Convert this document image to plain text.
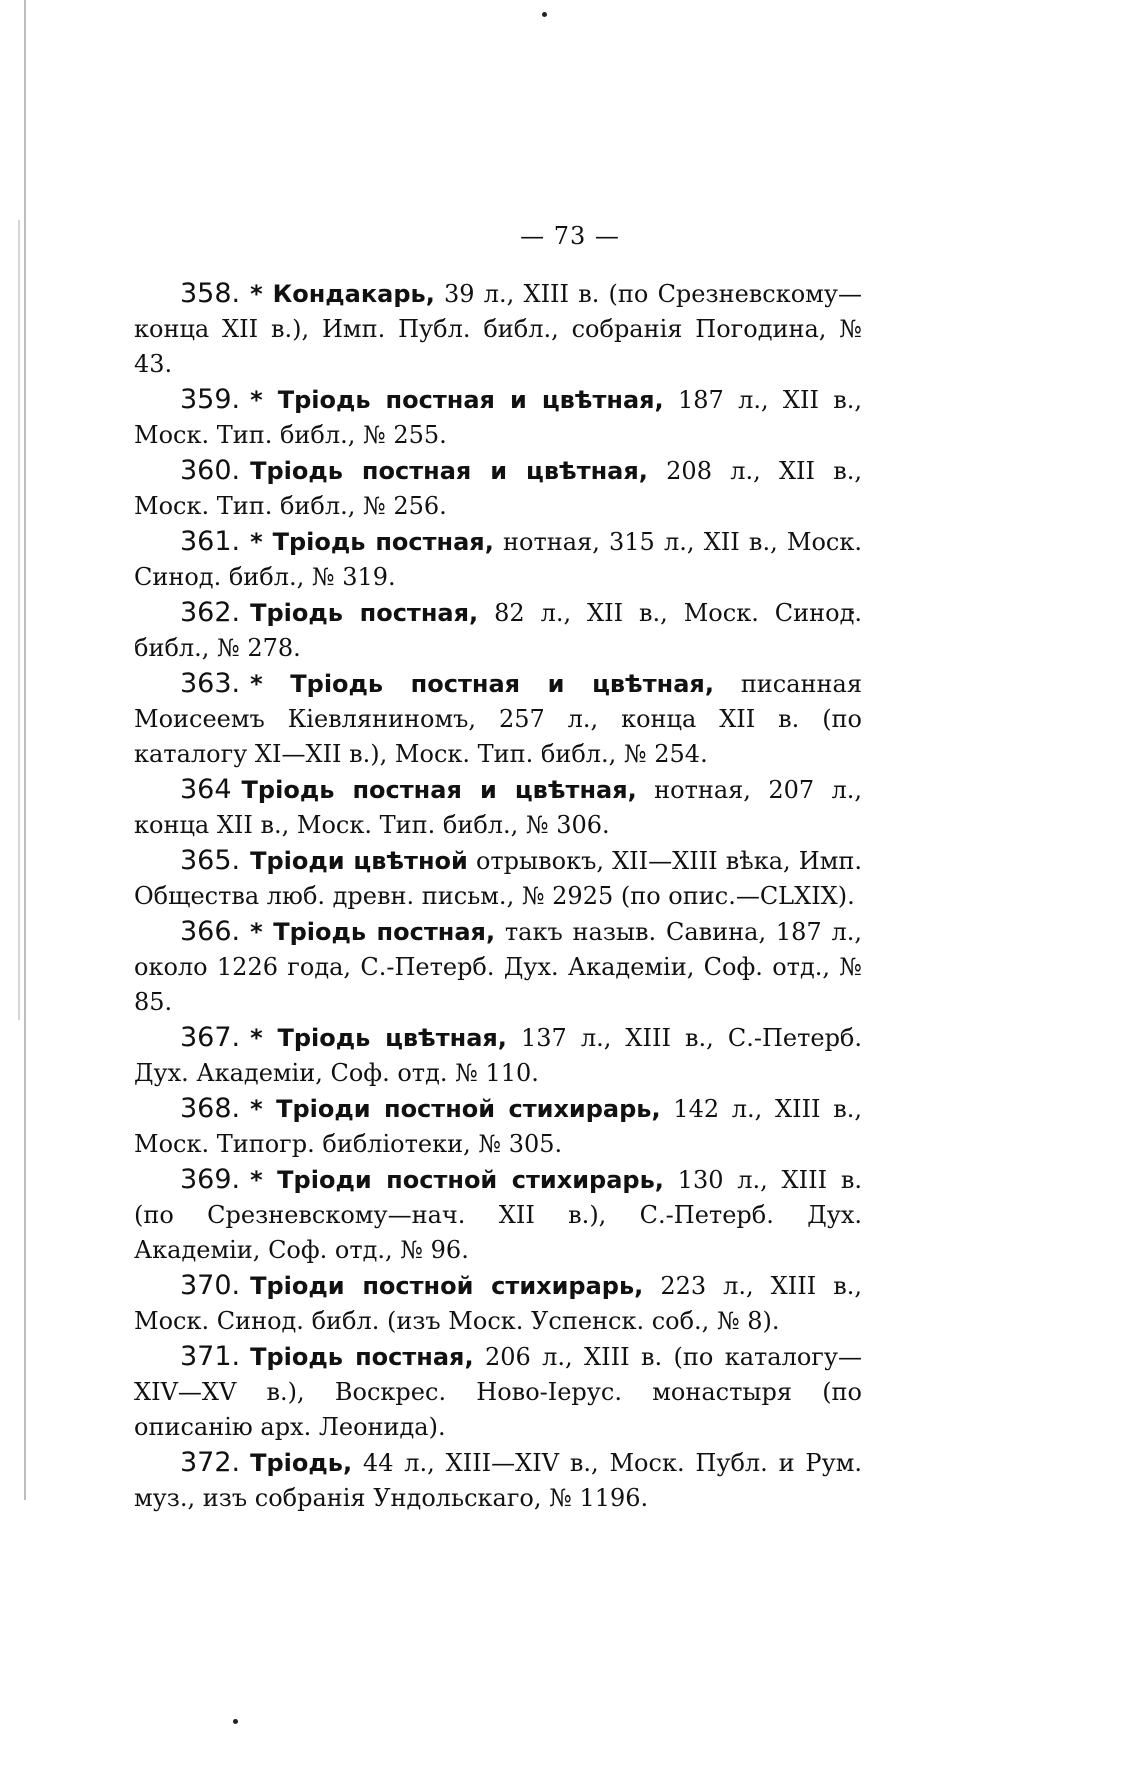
— 73 —

358. * Кондакарь, 39 л., XIII в. (по Срезневскому—конца XII в.), Имп. Публ. библ., собранія Погодина, № 43.

359. * Тріодь постная и цвѣтная, 187 л., XII в., Моск. Тип. библ., № 255.

360. Тріодь постная и цвѣтная, 208 л., XII в., Моск. Тип. библ., № 256.

361. * Тріодь постная, нотная, 315 л., XII в., Моск. Синод. библ., № 319.

362. Тріодь постная, 82 л., XII в., Моск. Синод. библ., № 278.

363. * Тріодь постная и цвѣтная, писанная Моисеемъ Кіевляниномъ, 257 л., конца XII в. (по каталогу XI—XII в.), Моск. Тип. библ., № 254.

364 Тріодь постная и цвѣтная, нотная, 207 л., конца XII в., Моск. Тип. библ., № 306.

365. Тріоди цвѣтной отрывокъ, XII—XIII вѣка, Имп. Общества люб. древн. письм., № 2925 (по опис.—CLXIX).

366. * Тріодь постная, такъ назыв. Савина, 187 л., около 1226 года, С.-Петерб. Дух. Академіи, Соф. отд., № 85.

367. * Тріодь цвѣтная, 137 л., XIII в., С.-Петерб. Дух. Академіи, Соф. отд. № 110.

368. * Тріоди постной стихирарь, 142 л., XIII в., Моск. Типогр. библіотеки, № 305.

369. * Тріоди постной стихирарь, 130 л., XIII в. (по Срезневскому—нач. XII в.), С.-Петерб. Дух. Академіи, Соф. отд., № 96.

370. Тріоди постной стихирарь, 223 л., XIII в., Моск. Синод. библ. (изъ Моск. Успенск. соб., № 8).

371. Тріодь постная, 206 л., XIII в. (по каталогу—XIV—XV в.), Воскрес. Ново-Іерус. монастыря (по описанію арх. Леонида).

372. Тріодь, 44 л., XIII—XIV в., Моск. Публ. и Рум. муз., изъ собранія Ундольскаго, № 1196.
